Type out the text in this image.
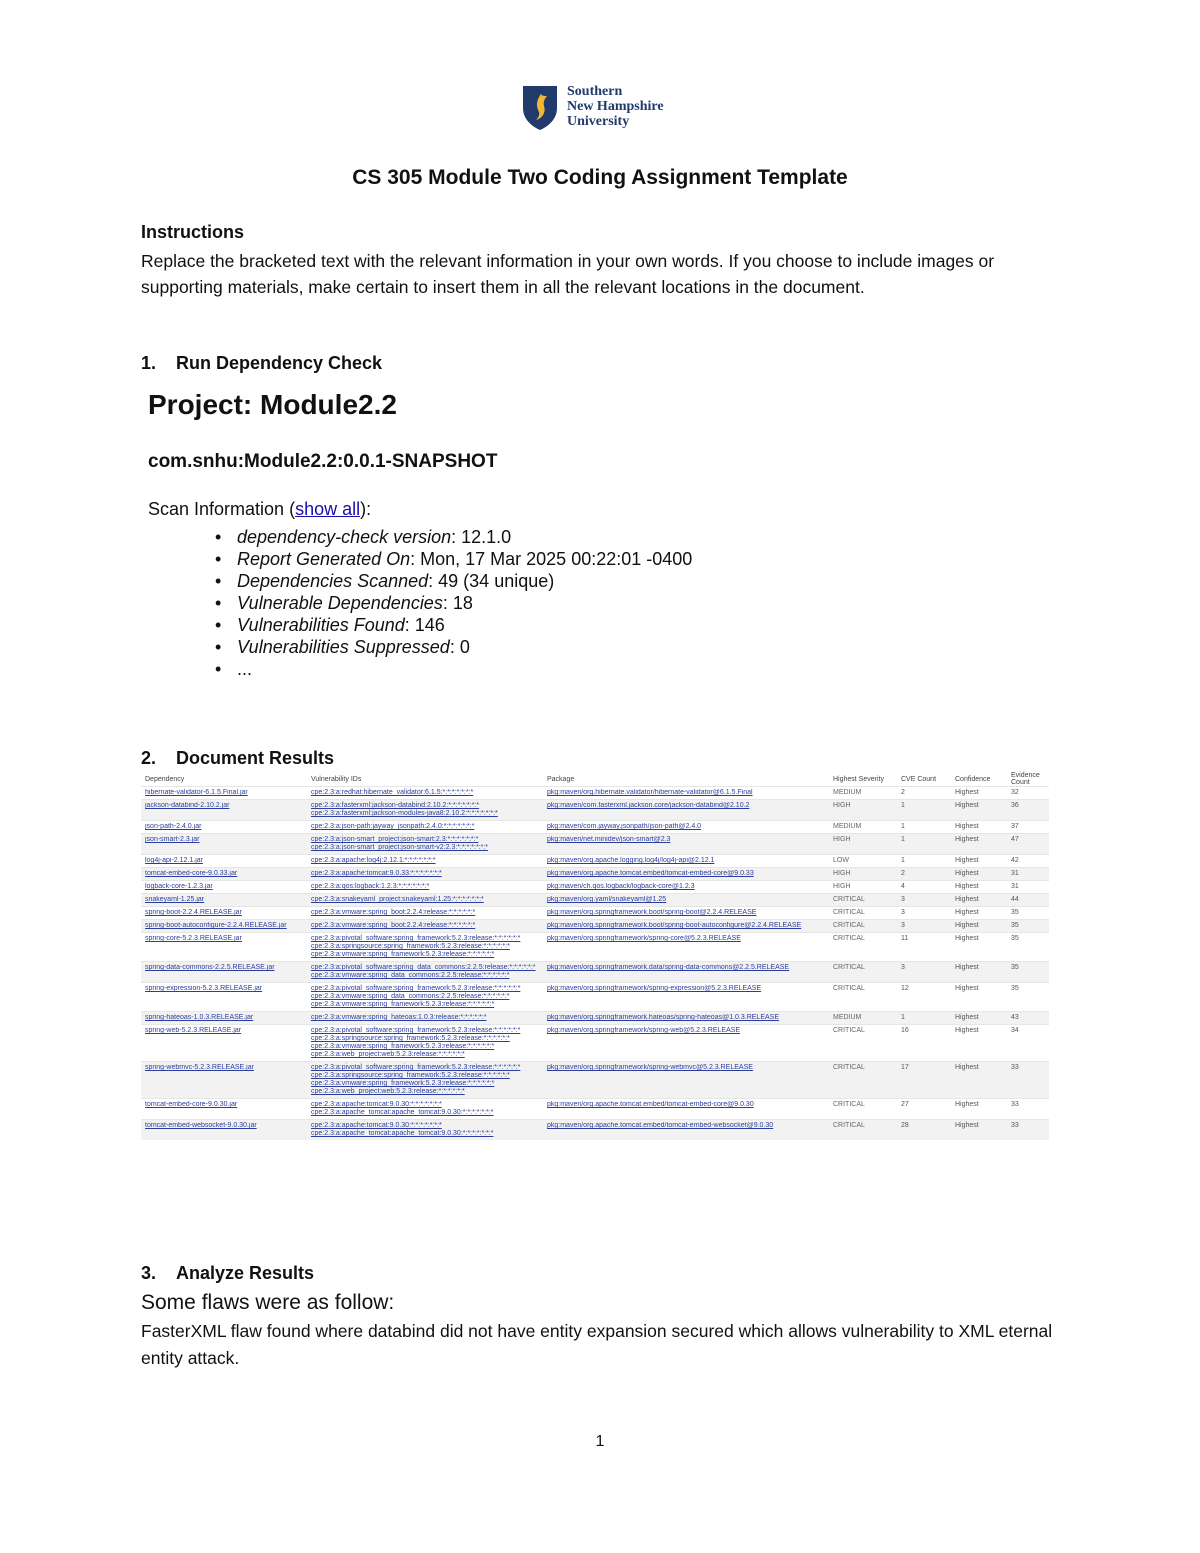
Southern
New Hampshire
University
CS 305 Module Two Coding Assignment Template
Instructions
Replace the bracketed text with the relevant information in your own words. If you choose to include images or supporting materials, make certain to insert them in all the relevant locations in the document.
1. Run Dependency Check
Project: Module2.2
com.snhu:Module2.2:0.0.1-SNAPSHOT
Scan Information (show all):
• dependency-check version: 12.1.0
• Report Generated On: Mon, 17 Mar 2025 00:22:01 -0400
• Dependencies Scanned: 49 (34 unique)
• Vulnerable Dependencies: 18
• Vulnerabilities Found: 146
• Vulnerabilities Suppressed: 0
• ...
2. Document Results
Dependency	Vulnerability IDs	Package	Highest Severity	CVE Count	Confidence	Evidence Count

hibernate-validator-6.1.5.Final.jar	cpe:2.3:a:redhat:hibernate_validator:6.1.5:*:*:*:*:*:*:*	pkg:maven/org.hibernate.validator/hibernate-validator@6.1.5.Final	MEDIUM	2	Highest	32

jackson-databind-2.10.2.jar	cpe:2.3:a:fasterxml:jackson-databind:2.10.2:*:*:*:*:*:*:*
cpe:2.3:a:fasterxml:jackson-modules-java8:2.10.2:*:*:*:*:*:*:*	pkg:maven/com.fasterxml.jackson.core/jackson-databind@2.10.2	HIGH	1	Highest	36

json-path-2.4.0.jar	cpe:2.3:a:json-path:jayway_jsonpath:2.4.0:*:*:*:*:*:*:*	pkg:maven/com.jayway.jsonpath/json-path@2.4.0	MEDIUM	1	Highest	37

json-smart-2.3.jar	cpe:2.3:a:json-smart_project:json-smart:2.3:*:*:*:*:*:*:*
cpe:2.3:a:json-smart_project:json-smart-v2:2.3:*:*:*:*:*:*:*	pkg:maven/net.minidev/json-smart@2.3	HIGH	1	Highest	47

log4j-api-2.12.1.jar	cpe:2.3:a:apache:log4j:2.12.1:*:*:*:*:*:*:*	pkg:maven/org.apache.logging.log4j/log4j-api@2.12.1	LOW	1	Highest	42

tomcat-embed-core-9.0.33.jar	cpe:2.3:a:apache:tomcat:9.0.33:*:*:*:*:*:*:*	pkg:maven/org.apache.tomcat.embed/tomcat-embed-core@9.0.33	HIGH	2	Highest	31

logback-core-1.2.3.jar	cpe:2.3:a:qos:logback:1.2.3:*:*:*:*:*:*:*	pkg:maven/ch.qos.logback/logback-core@1.2.3	HIGH	4	Highest	31

snakeyaml-1.25.jar	cpe:2.3:a:snakeyaml_project:snakeyaml:1.25:*:*:*:*:*:*:*	pkg:maven/org.yaml/snakeyaml@1.25	CRITICAL	3	Highest	44

spring-boot-2.2.4.RELEASE.jar	cpe:2.3:a:vmware:spring_boot:2.2.4:release:*:*:*:*:*:*	pkg:maven/org.springframework.boot/spring-boot@2.2.4.RELEASE	CRITICAL	3	Highest	35

spring-boot-autoconfigure-2.2.4.RELEASE.jar	cpe:2.3:a:vmware:spring_boot:2.2.4:release:*:*:*:*:*:*	pkg:maven/org.springframework.boot/spring-boot-autoconfigure@2.2.4.RELEASE	CRITICAL	3	Highest	35

spring-core-5.2.3.RELEASE.jar	cpe:2.3:a:pivotal_software:spring_framework:5.2.3:release:*:*:*:*:*:*
cpe:2.3:a:springsource:spring_framework:5.2.3:release:*:*:*:*:*:*
cpe:2.3:a:vmware:spring_framework:5.2.3:release:*:*:*:*:*:*	pkg:maven/org.springframework/spring-core@5.2.3.RELEASE	CRITICAL	11	Highest	35

spring-data-commons-2.2.5.RELEASE.jar	cpe:2.3:a:pivotal_software:spring_data_commons:2.2.5:release:*:*:*:*:*:*
cpe:2.3:a:vmware:spring_data_commons:2.2.5:release:*:*:*:*:*:*	pkg:maven/org.springframework.data/spring-data-commons@2.2.5.RELEASE	CRITICAL	3	Highest	35

spring-expression-5.2.3.RELEASE.jar	cpe:2.3:a:pivotal_software:spring_framework:5.2.3:release:*:*:*:*:*:*
cpe:2.3:a:vmware:spring_data_commons:2.2.5:release:*:*:*:*:*:*
cpe:2.3:a:vmware:spring_framework:5.2.3:release:*:*:*:*:*:*	pkg:maven/org.springframework/spring-expression@5.2.3.RELEASE	CRITICAL	12	Highest	35

spring-hateoas-1.0.3.RELEASE.jar	cpe:2.3:a:vmware:spring_hateoas:1.0.3:release:*:*:*:*:*:*	pkg:maven/org.springframework.hateoas/spring-hateoas@1.0.3.RELEASE	MEDIUM	1	Highest	43

spring-web-5.2.3.RELEASE.jar	cpe:2.3:a:pivotal_software:spring_framework:5.2.3:release:*:*:*:*:*:*
cpe:2.3:a:springsource:spring_framework:5.2.3:release:*:*:*:*:*:*
cpe:2.3:a:vmware:spring_framework:5.2.3:release:*:*:*:*:*:*
cpe:2.3:a:web_project:web:5.2.3:release:*:*:*:*:*:*	pkg:maven/org.springframework/spring-web@5.2.3.RELEASE	CRITICAL	16	Highest	34

spring-webmvc-5.2.3.RELEASE.jar	cpe:2.3:a:pivotal_software:spring_framework:5.2.3:release:*:*:*:*:*:*
cpe:2.3:a:springsource:spring_framework:5.2.3:release:*:*:*:*:*:*
cpe:2.3:a:vmware:spring_framework:5.2.3:release:*:*:*:*:*:*
cpe:2.3:a:web_project:web:5.2.3:release:*:*:*:*:*:*	pkg:maven/org.springframework/spring-webmvc@5.2.3.RELEASE	CRITICAL	17	Highest	33

tomcat-embed-core-9.0.30.jar	cpe:2.3:a:apache:tomcat:9.0.30:*:*:*:*:*:*:*
cpe:2.3:a:apache_tomcat:apache_tomcat:9.0.30:*:*:*:*:*:*:*	pkg:maven/org.apache.tomcat.embed/tomcat-embed-core@9.0.30	CRITICAL	27	Highest	33

tomcat-embed-websocket-9.0.30.jar	cpe:2.3:a:apache:tomcat:9.0.30:*:*:*:*:*:*:*
cpe:2.3:a:apache_tomcat:apache_tomcat:9.0.30:*:*:*:*:*:*:*	pkg:maven/org.apache.tomcat.embed/tomcat-embed-websocket@9.0.30	CRITICAL	28	Highest	33
3. Analyze Results
Some flaws were as follow:
FasterXML flaw found where databind did not have entity expansion secured which allows vulnerability to XML eternal entity attack.
1
